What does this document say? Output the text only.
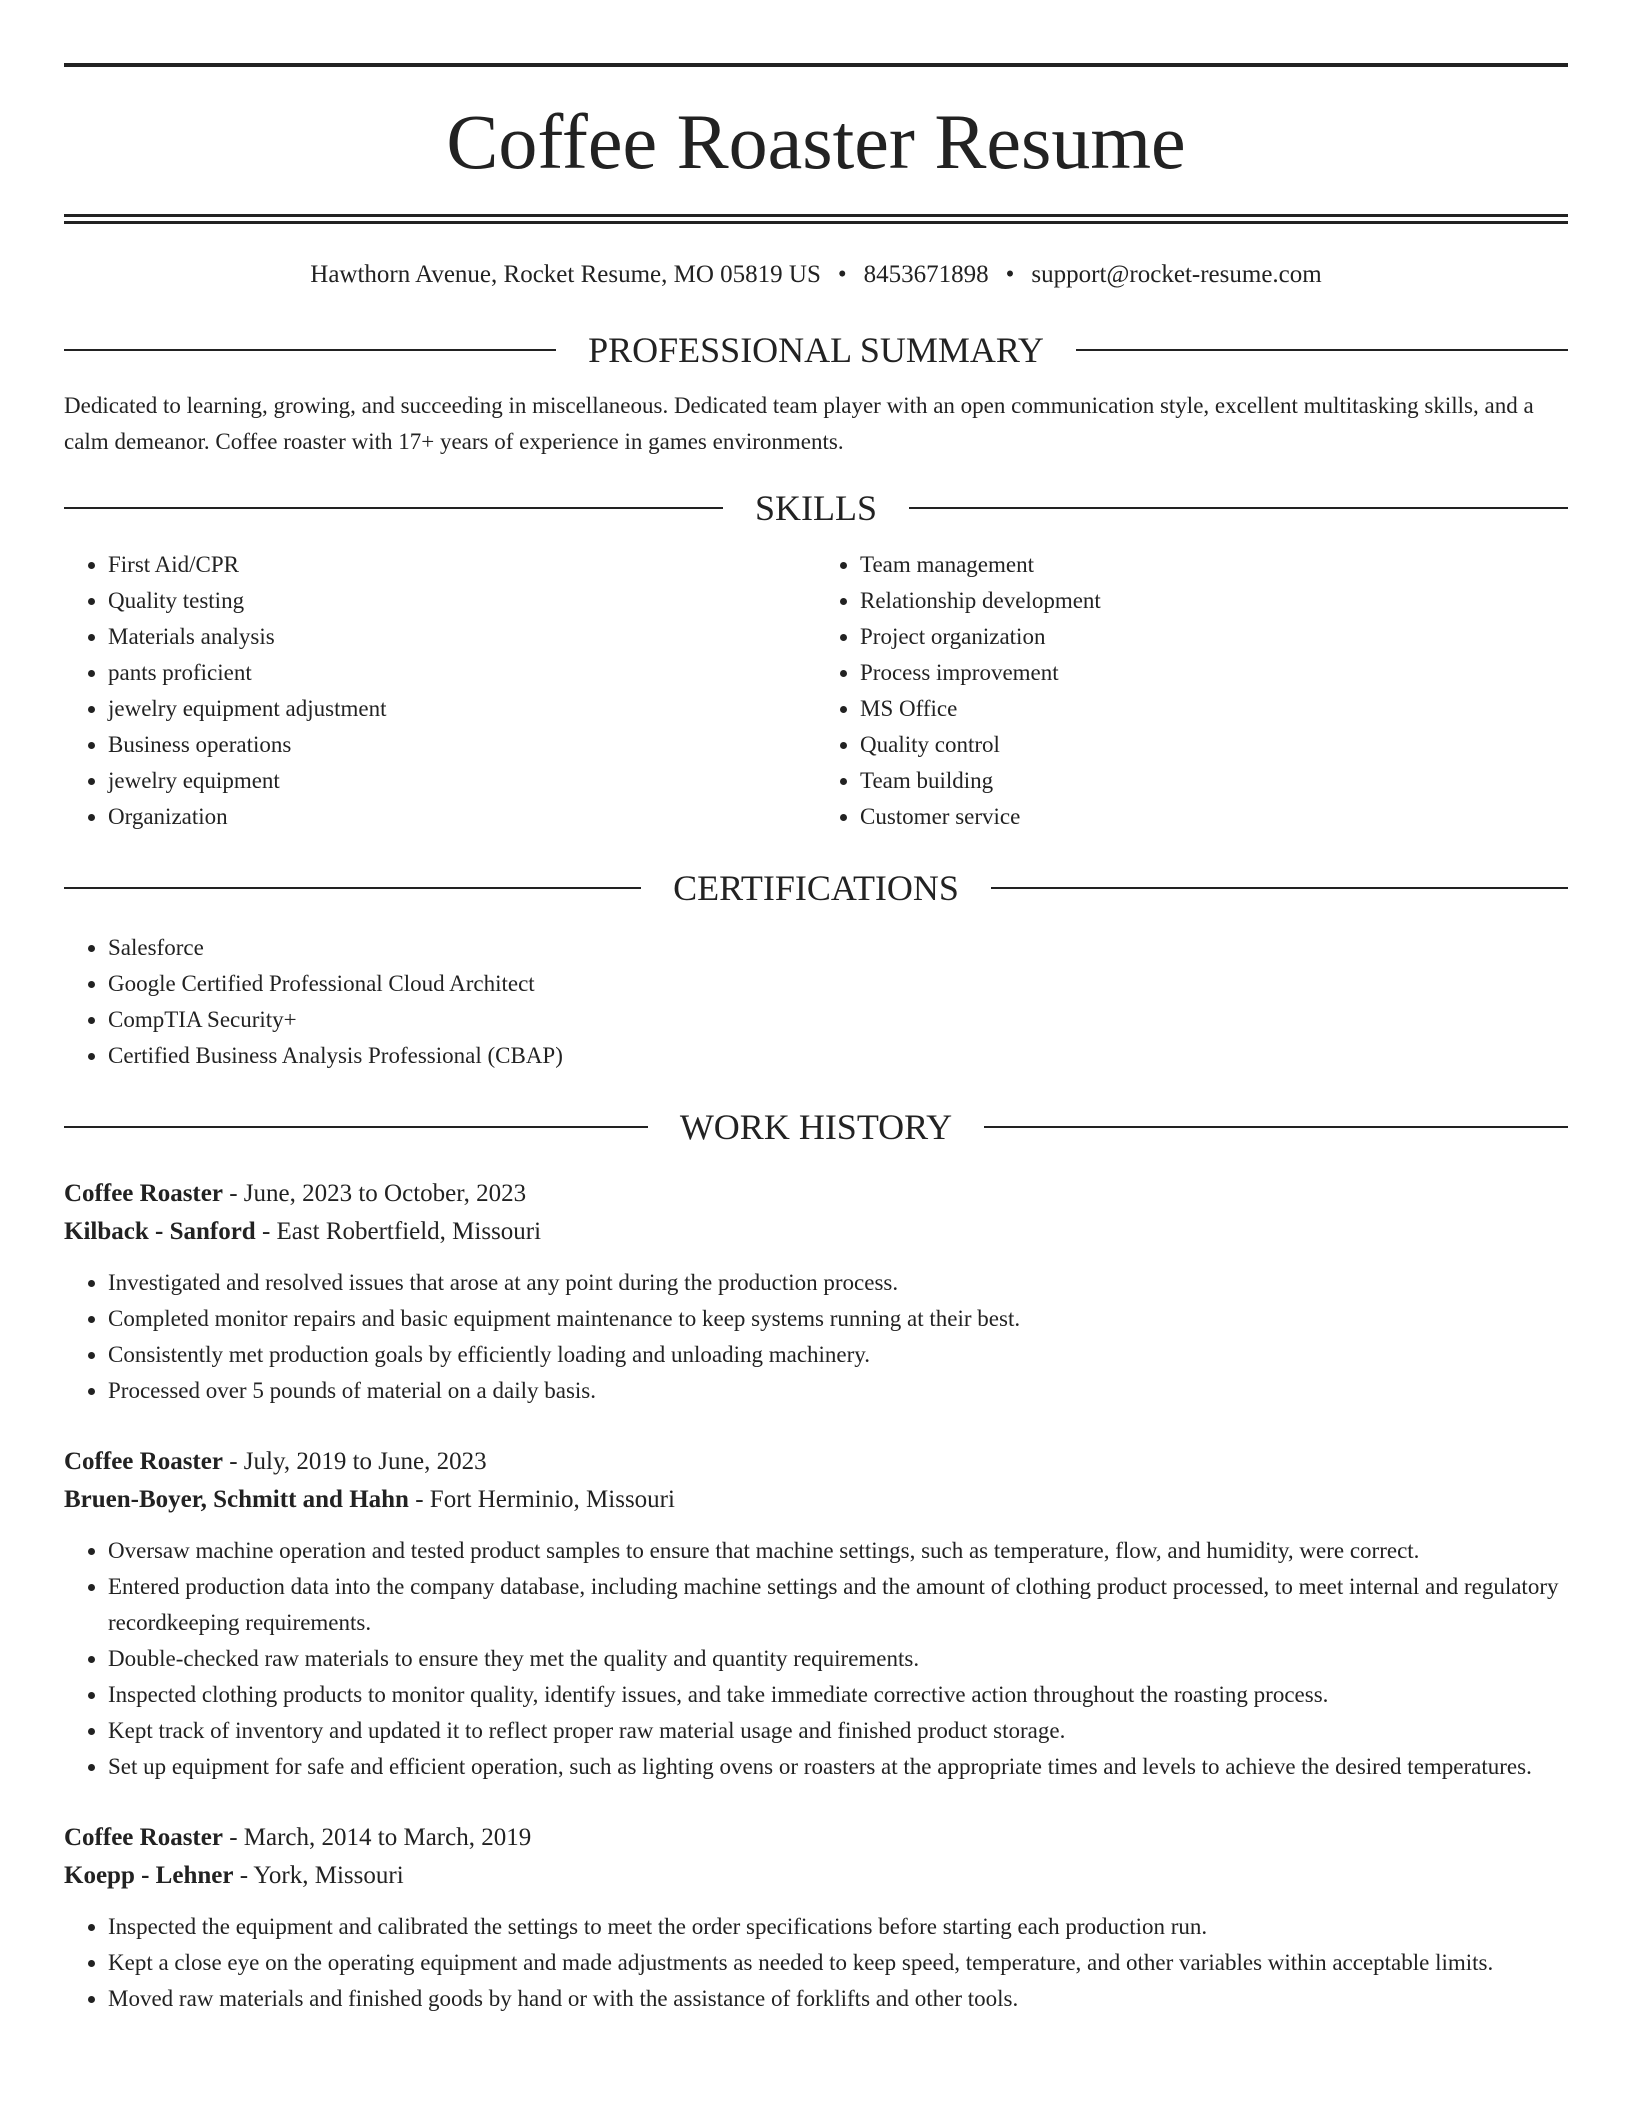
Coffee Roaster Resume
Hawthorn Avenue, Rocket Resume, MO 05819 US • 8453671898 • support@rocket-resume.com
PROFESSIONAL SUMMARY

Dedicated to learning, growing, and succeeding in miscellaneous. Dedicated team player with an open communication style, excellent multitasking skills, and a calm demeanor. Coffee roaster with 17+ years of experience in games environments.

SKILLS
• First Aid/CPR
• Quality testing
• Materials analysis
• pants proficient
• jewelry equipment adjustment
• Business operations
• jewelry equipment
• Organization
• Team management
• Relationship development
• Project organization
• Process improvement
• MS Office
• Quality control
• Team building
• Customer service
CERTIFICATIONS
• Salesforce
• Google Certified Professional Cloud Architect
• CompTIA Security+
• Certified Business Analysis Professional (CBAP)
WORK HISTORY
Coffee Roaster - June, 2023 to October, 2023
Kilback - Sanford - East Robertfield, Missouri
• Investigated and resolved issues that arose at any point during the production process.
• Completed monitor repairs and basic equipment maintenance to keep systems running at their best.
• Consistently met production goals by efficiently loading and unloading machinery.
• Processed over 5 pounds of material on a daily basis.
Coffee Roaster - July, 2019 to June, 2023
Bruen-Boyer, Schmitt and Hahn - Fort Herminio, Missouri
• Oversaw machine operation and tested product samples to ensure that machine settings, such as temperature, flow, and humidity, were correct.
• Entered production data into the company database, including machine settings and the amount of clothing product processed, to meet internal and regulatory recordkeeping requirements.
• Double-checked raw materials to ensure they met the quality and quantity requirements.
• Inspected clothing products to monitor quality, identify issues, and take immediate corrective action throughout the roasting process.
• Kept track of inventory and updated it to reflect proper raw material usage and finished product storage.
• Set up equipment for safe and efficient operation, such as lighting ovens or roasters at the appropriate times and levels to achieve the desired temperatures.
Coffee Roaster - March, 2014 to March, 2019
Koepp - Lehner - York, Missouri
• Inspected the equipment and calibrated the settings to meet the order specifications before starting each production run.
• Kept a close eye on the operating equipment and made adjustments as needed to keep speed, temperature, and other variables within acceptable limits.
• Moved raw materials and finished goods by hand or with the assistance of forklifts and other tools.
